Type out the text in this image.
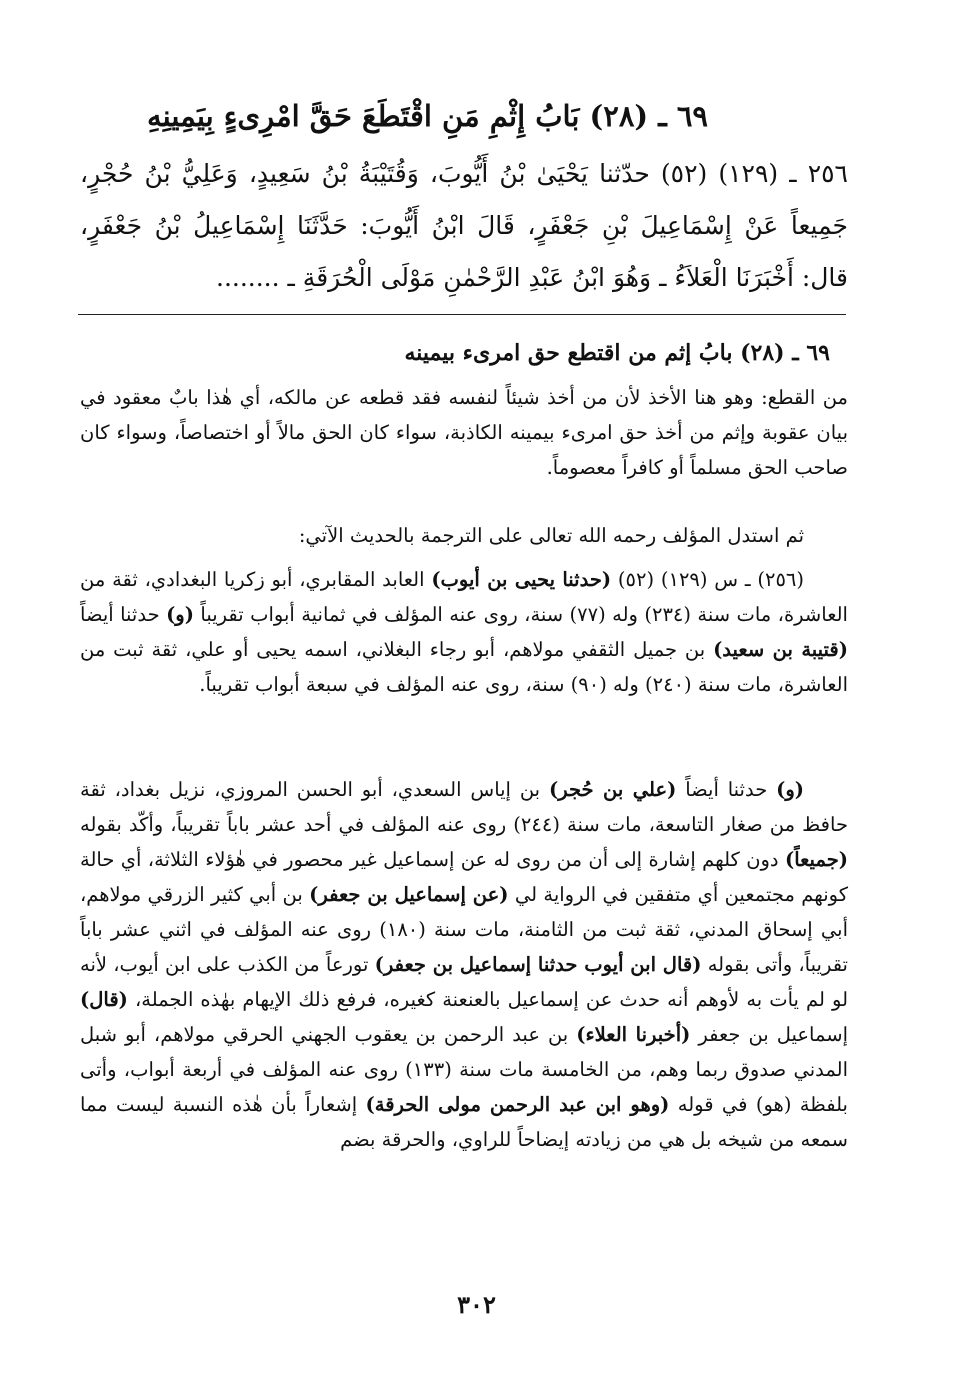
٦٩ ـ (٢٨) بَابُ إِثْمِ مَنِ اقْتَطَعَ حَقَّ امْرِىءٍ بِيَمِينِهِ
٢٥٦ ـ (١٢٩) (٥٢) حدّثنا يَحْيَىٰ بْنُ أَيُّوبَ، وَقُتَيْبَةُ بْنُ سَعِيدٍ، وَعَلِيُّ بْنُ حُجْرٍ، جَمِيعاً عَنْ إِسْمَاعِيلَ بْنِ جَعْفَرٍ، قَالَ ابْنُ أَيُّوبَ: حَدَّثَنَا إِسْمَاعِيلُ بْنُ جَعْفَرٍ، قال: أَخْبَرَنَا الْعَلاَءُ ـ وَهُوَ ابْنُ عَبْدِ الرَّحْمٰنِ مَوْلَى الْحُرَقَةِ ـ ........
٦٩ ـ (٢٨) بابُ إثم من اقتطع حق امرىء بيمينه
من القطع: وهو هنا الأخذ لأن من أخذ شيئاً لنفسه فقد قطعه عن مالكه، أي هٰذا بابٌ معقود في بيان عقوبة وإثم من أخذ حق امرىء بيمينه الكاذبة، سواء كان الحق مالاً أو اختصاصاً، وسواء كان صاحب الحق مسلماً أو كافراً معصوماً.
ثم استدل المؤلف رحمه الله تعالى على الترجمة بالحديث الآتي:
(٢٥٦) ـ س (١٢٩) (٥٢) (حدثنا يحيى بن أيوب) العابد المقابري، أبو زكريا البغدادي، ثقة من العاشرة، مات سنة (٢٣٤) وله (٧٧) سنة، روى عنه المؤلف في ثمانية أبواب تقريباً (و) حدثنا أيضاً (قتيبة بن سعيد) بن جميل الثقفي مولاهم، أبو رجاء البغلاني، اسمه يحيى أو علي، ثقة ثبت من العاشرة، مات سنة (٢٤٠) وله (٩٠) سنة، روى عنه المؤلف في سبعة أبواب تقريباً.
(و) حدثنا أيضاً (علي بن حُجر) بن إياس السعدي، أبو الحسن المروزي، نزيل بغداد، ثقة حافظ من صغار التاسعة، مات سنة (٢٤٤) روى عنه المؤلف في أحد عشر باباً تقريباً، وأكّد بقوله (جميعاً) دون كلهم إشارة إلى أن من روى له عن إسماعيل غير محصور في هٰؤلاء الثلاثة، أي حالة كونهم مجتمعين أي متفقين في الرواية لي (عن إسماعيل بن جعفر) بن أبي كثير الزرقي مولاهم، أبي إسحاق المدني، ثقة ثبت من الثامنة، مات سنة (١٨٠) روى عنه المؤلف في اثني عشر باباً تقريباً، وأتى بقوله (قال ابن أيوب حدثنا إسماعيل بن جعفر) تورعاً من الكذب على ابن أيوب، لأنه لو لم يأت به لأوهم أنه حدث عن إسماعيل بالعنعنة كغيره، فرفع ذلك الإيهام بهٰذه الجملة، (قال) إسماعيل بن جعفر (أخبرنا العلاء) بن عبد الرحمن بن يعقوب الجهني الحرقي مولاهم، أبو شبل المدني صدوق ربما وهم، من الخامسة مات سنة (١٣٣) روى عنه المؤلف في أربعة أبواب، وأتى بلفظة (هو) في قوله (وهو ابن عبد الرحمن مولى الحرقة) إشعاراً بأن هٰذه النسبة ليست مما سمعه من شيخه بل هي من زيادته إيضاحاً للراوي، والحرقة بضم
٣٠٢
